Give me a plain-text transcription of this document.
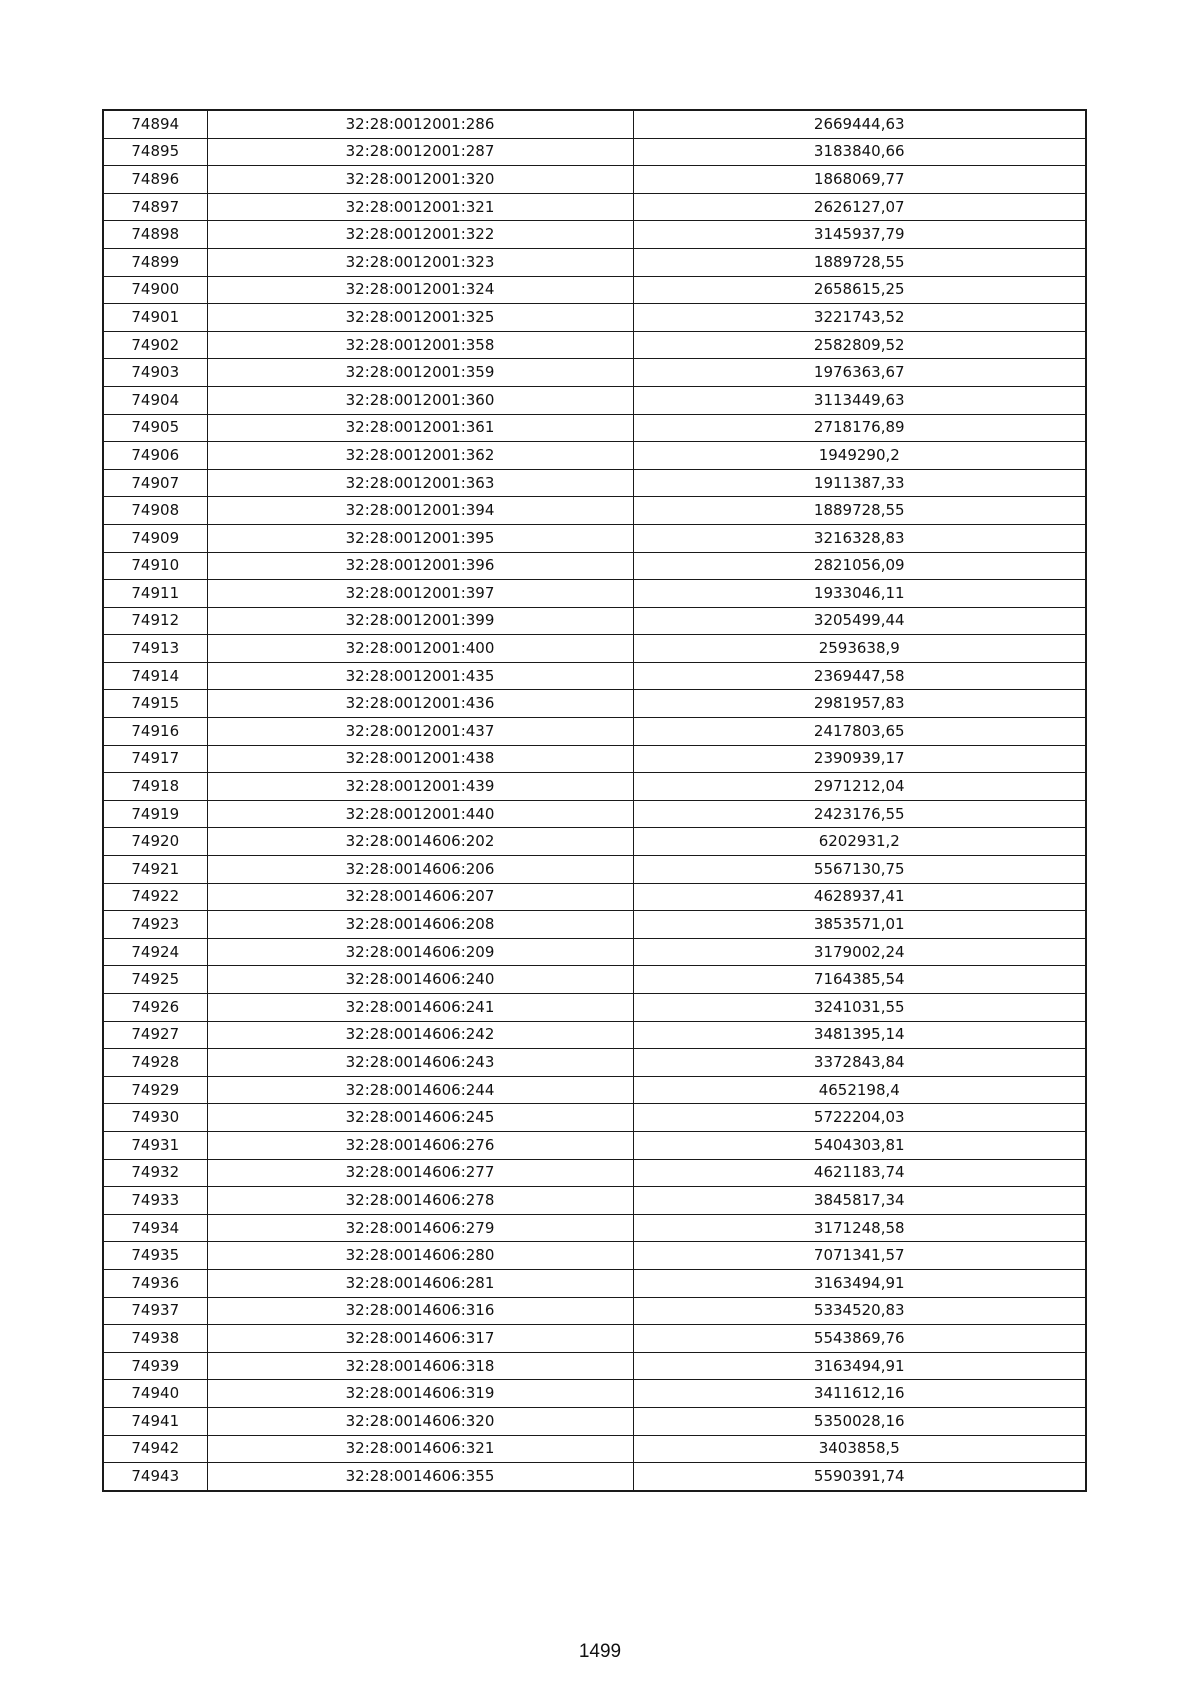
74894	32:28:0012001:286	2669444,63
74895	32:28:0012001:287	3183840,66
74896	32:28:0012001:320	1868069,77
74897	32:28:0012001:321	2626127,07
74898	32:28:0012001:322	3145937,79
74899	32:28:0012001:323	1889728,55
74900	32:28:0012001:324	2658615,25
74901	32:28:0012001:325	3221743,52
74902	32:28:0012001:358	2582809,52
74903	32:28:0012001:359	1976363,67
74904	32:28:0012001:360	3113449,63
74905	32:28:0012001:361	2718176,89
74906	32:28:0012001:362	1949290,2
74907	32:28:0012001:363	1911387,33
74908	32:28:0012001:394	1889728,55
74909	32:28:0012001:395	3216328,83
74910	32:28:0012001:396	2821056,09
74911	32:28:0012001:397	1933046,11
74912	32:28:0012001:399	3205499,44
74913	32:28:0012001:400	2593638,9
74914	32:28:0012001:435	2369447,58
74915	32:28:0012001:436	2981957,83
74916	32:28:0012001:437	2417803,65
74917	32:28:0012001:438	2390939,17
74918	32:28:0012001:439	2971212,04
74919	32:28:0012001:440	2423176,55
74920	32:28:0014606:202	6202931,2
74921	32:28:0014606:206	5567130,75
74922	32:28:0014606:207	4628937,41
74923	32:28:0014606:208	3853571,01
74924	32:28:0014606:209	3179002,24
74925	32:28:0014606:240	7164385,54
74926	32:28:0014606:241	3241031,55
74927	32:28:0014606:242	3481395,14
74928	32:28:0014606:243	3372843,84
74929	32:28:0014606:244	4652198,4
74930	32:28:0014606:245	5722204,03
74931	32:28:0014606:276	5404303,81
74932	32:28:0014606:277	4621183,74
74933	32:28:0014606:278	3845817,34
74934	32:28:0014606:279	3171248,58
74935	32:28:0014606:280	7071341,57
74936	32:28:0014606:281	3163494,91
74937	32:28:0014606:316	5334520,83
74938	32:28:0014606:317	5543869,76
74939	32:28:0014606:318	3163494,91
74940	32:28:0014606:319	3411612,16
74941	32:28:0014606:320	5350028,16
74942	32:28:0014606:321	3403858,5
74943	32:28:0014606:355	5590391,74
1499
